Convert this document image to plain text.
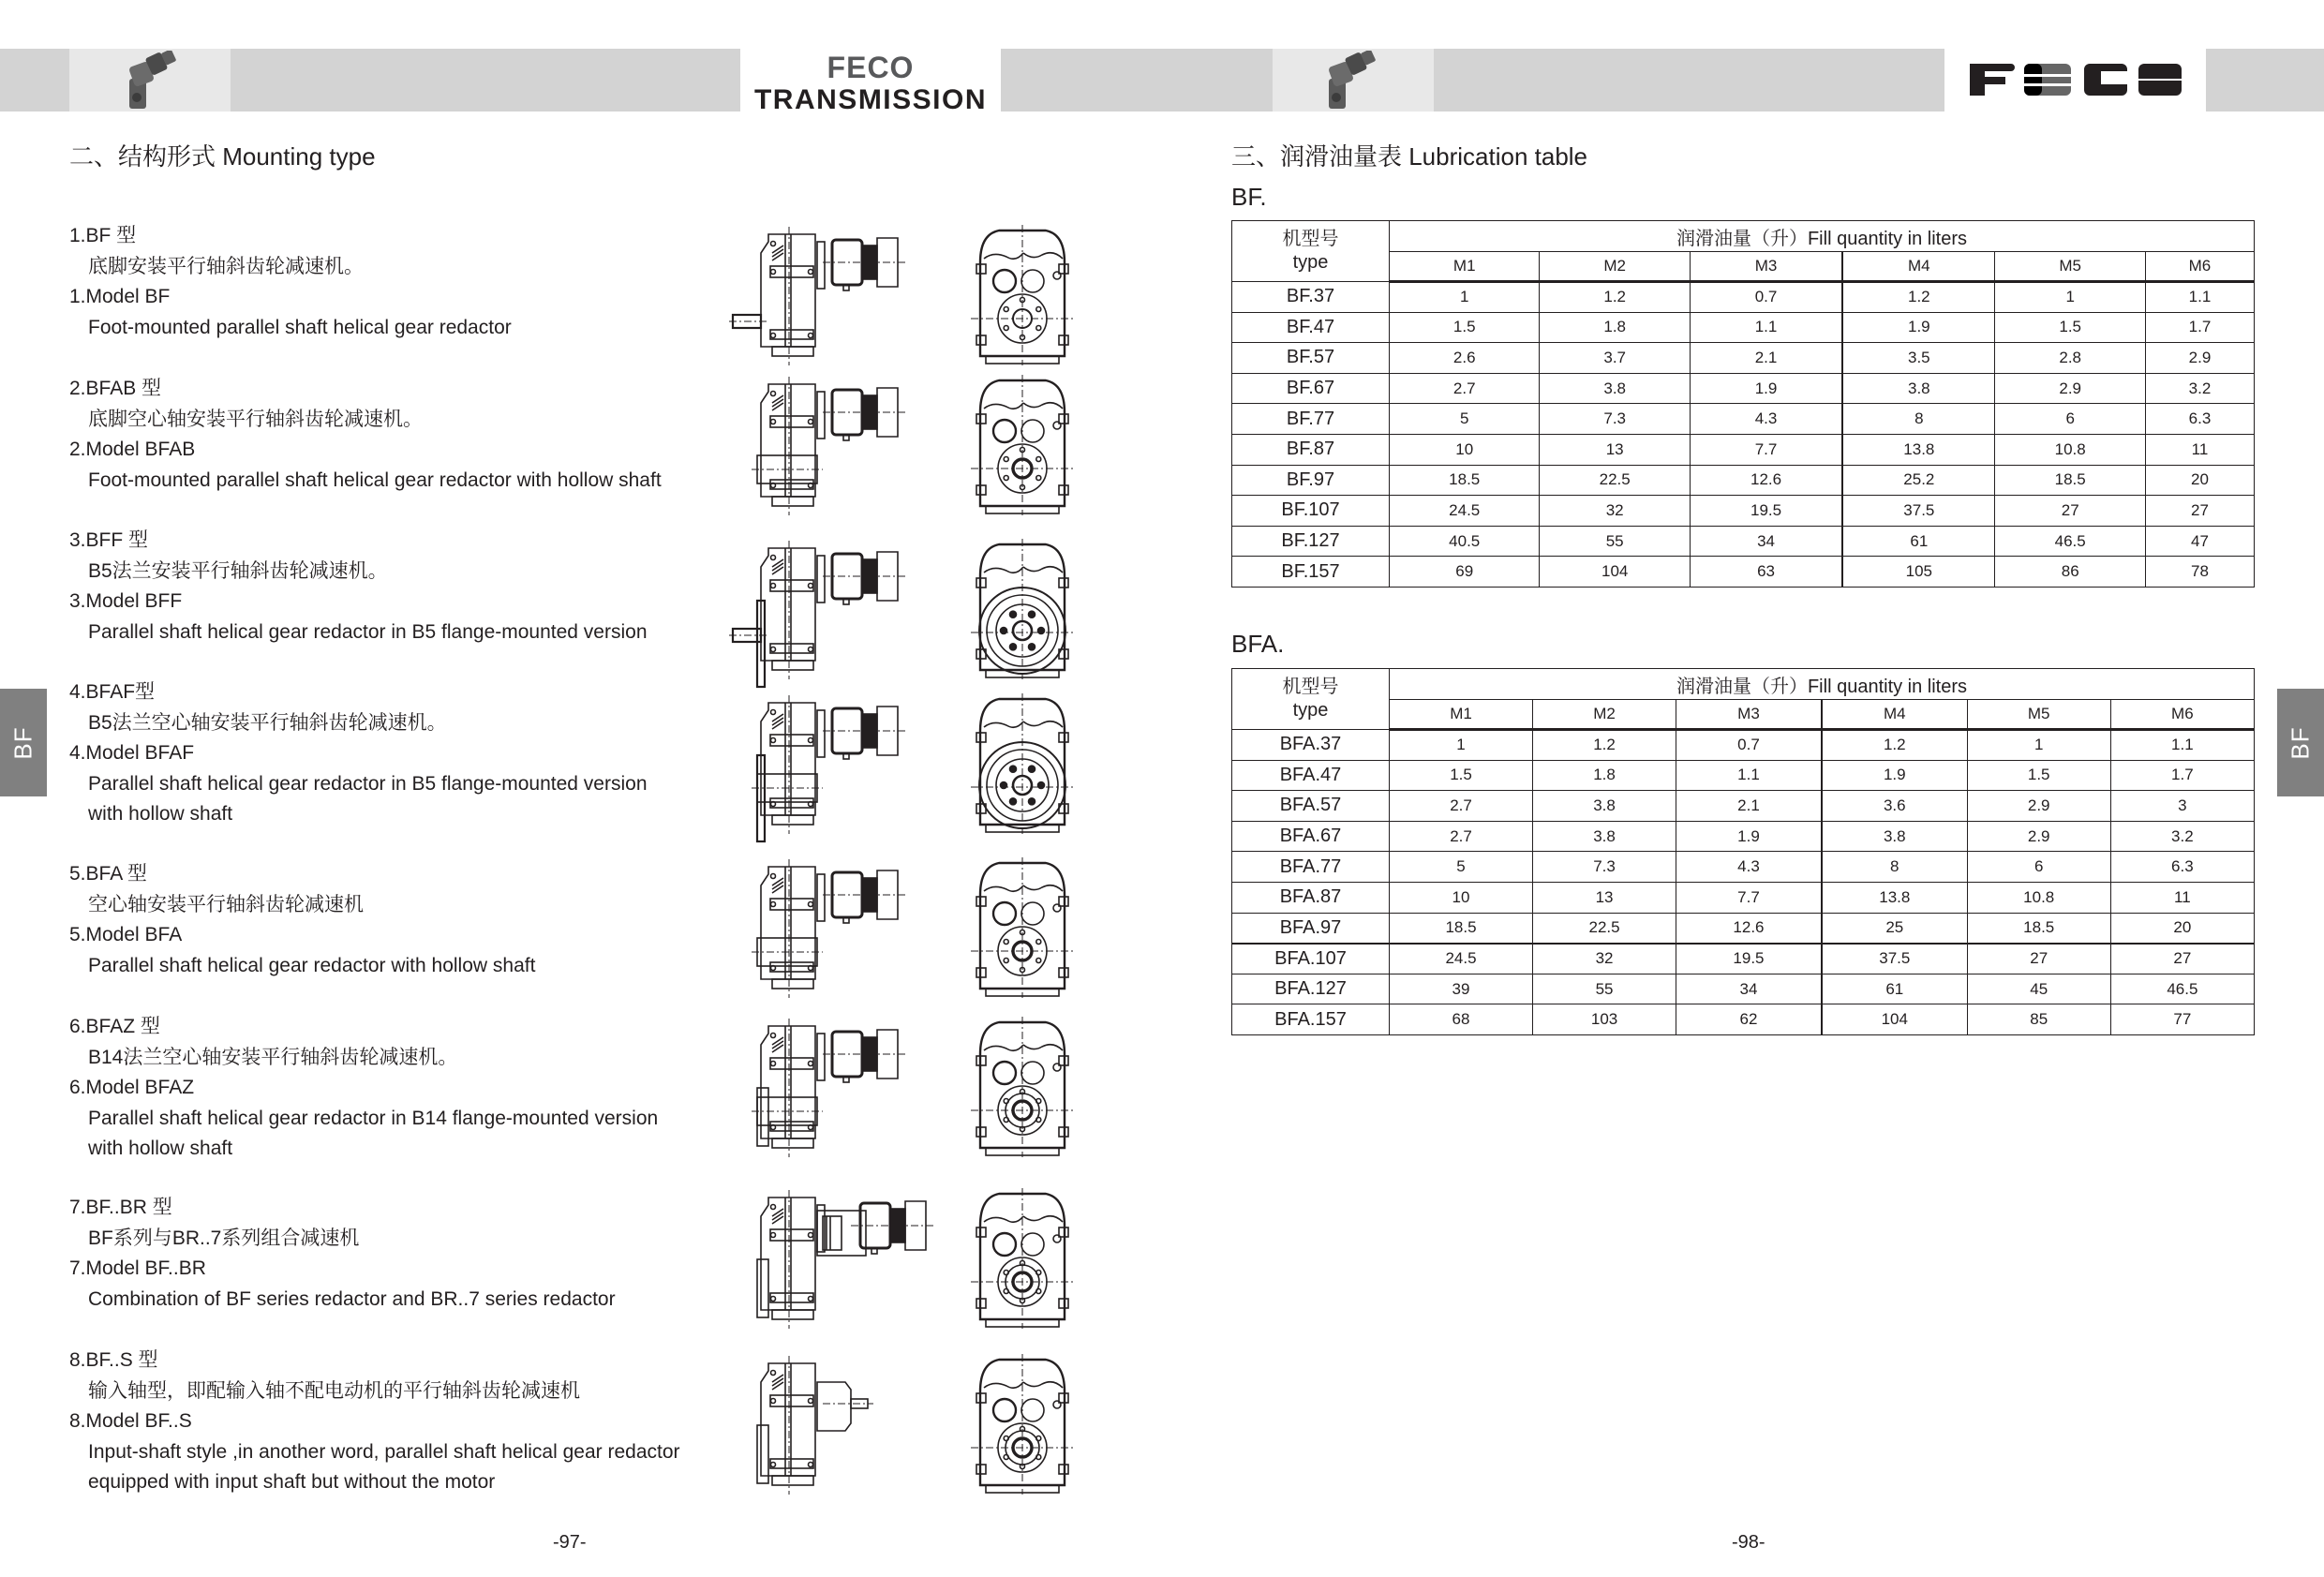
FECO
TRANSMISSION
二、结构形式 Mounting type
BF
1.BF 型
底脚安装平行轴斜齿轮减速机。
1.Model BF
Foot-mounted parallel shaft helical gear redactor
2.BFAB 型
底脚空心轴安装平行轴斜齿轮减速机。
2.Model BFAB
Foot-mounted parallel shaft helical gear redactor with hollow shaft
3.BFF 型
B5法兰安装平行轴斜齿轮减速机。
3.Model BFF
Parallel shaft helical gear redactor in B5 flange-mounted version
4.BFAF型
B5法兰空心轴安装平行轴斜齿轮减速机。
4.Model BFAF
Parallel shaft helical gear redactor in B5 flange-mounted version
with hollow shaft
5.BFA 型
空心轴安装平行轴斜齿轮减速机
5.Model BFA
Parallel shaft helical gear redactor with hollow shaft
6.BFAZ 型
B14法兰空心轴安装平行轴斜齿轮减速机。
6.Model BFAZ
Parallel shaft helical gear redactor in B14 flange-mounted version
with hollow shaft
7.BF..BR 型
BF系列与BR..7系列组合减速机
7.Model BF..BR
Combination of BF series redactor and BR..7 series redactor
8.BF..S 型
输入轴型，即配输入轴不配电动机的平行轴斜齿轮减速机
8.Model BF..S
Input-shaft style ,in another word, parallel shaft helical gear redactor
equipped with input shaft but without the motor
-97-
三、润滑油量表 Lubrication table
BF.
机型号
type	润滑油量（升）Fill quantity in liters					
	M1	M2	M3	M4	M5	M6
BF.37	1	1.2	0.7	1.2	1	1.1
BF.47	1.5	1.8	1.1	1.9	1.5	1.7
BF.57	2.6	3.7	2.1	3.5	2.8	2.9
BF.67	2.7	3.8	1.9	3.8	2.9	3.2
BF.77	5	7.3	4.3	8	6	6.3
BF.87	10	13	7.7	13.8	10.8	11
BF.97	18.5	22.5	12.6	25.2	18.5	20
BF.107	24.5	32	19.5	37.5	27	27
BF.127	40.5	55	34	61	46.5	47
BF.157	69	104	63	105	86	78
BFA.
机型号
type	润滑油量（升）Fill quantity in liters					
	M1	M2	M3	M4	M5	M6
BFA.37	1	1.2	0.7	1.2	1	1.1
BFA.47	1.5	1.8	1.1	1.9	1.5	1.7
BFA.57	2.7	3.8	2.1	3.6	2.9	3
BFA.67	2.7	3.8	1.9	3.8	2.9	3.2
BFA.77	5	7.3	4.3	8	6	6.3
BFA.87	10	13	7.7	13.8	10.8	11
BFA.97	18.5	22.5	12.6	25	18.5	20
BFA.107	24.5	32	19.5	37.5	27	27
BFA.127	39	55	34	61	45	46.5
BFA.157	68	103	62	104	85	77
BF
-98-
